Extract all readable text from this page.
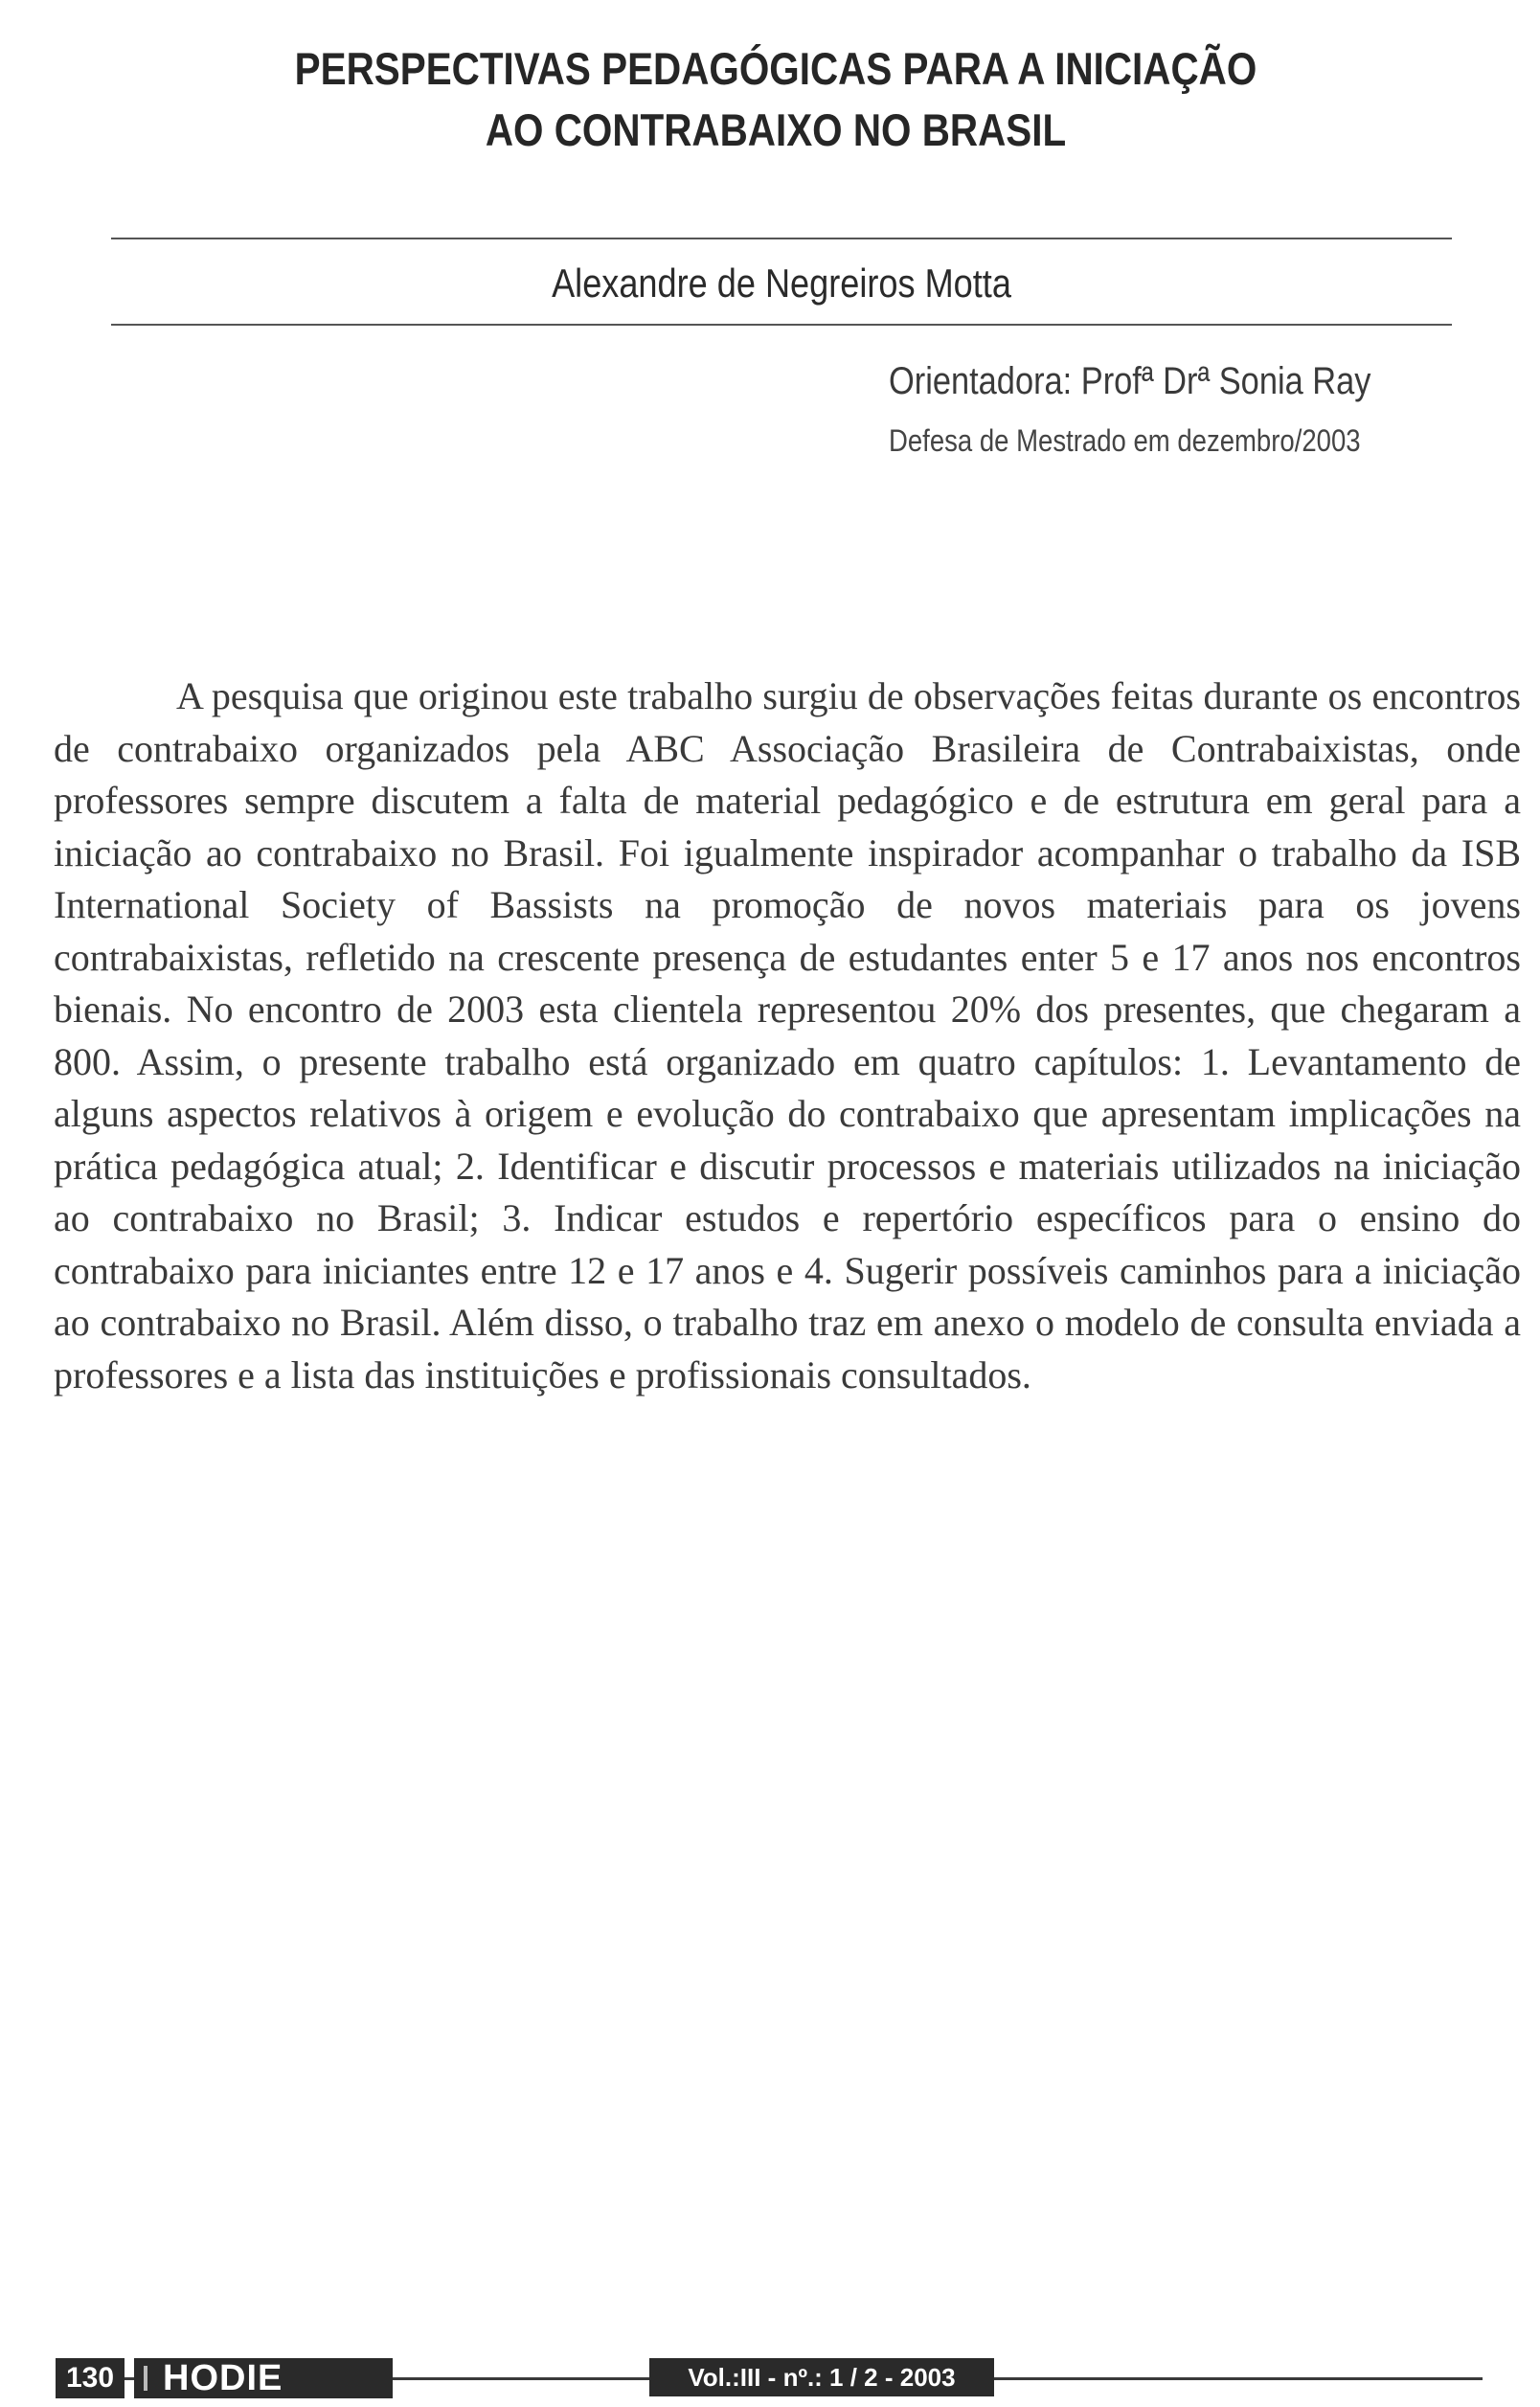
PERSPECTIVAS PEDAGÓGICAS PARA A INICIAÇÃO
AO CONTRABAIXO NO BRASIL
Alexandre de Negreiros Motta
Orientadora: Profª Drª Sonia Ray
Defesa de Mestrado em dezembro/2003

A pesquisa que originou este trabalho surgiu de observações feitas durante os encontros de contrabaixo organizados pela ABC Associação Brasileira de Contrabaixistas, onde professores sempre discutem a falta de material pedagógico e de estrutura em geral para a iniciação ao contrabaixo no Brasil. Foi igualmente inspirador acompanhar o trabalho da ISB International Society of Bassists na promoção de novos materiais para os jovens contrabaixistas, refletido na crescente presença de estudantes enter 5 e 17 anos nos encontros bienais. No encontro de 2003 esta clientela representou 20% dos presentes, que chegaram a 800. Assim, o presente trabalho está organizado em quatro capítulos: 1. Levantamento de alguns aspectos relativos à origem e evolução do contrabaixo que apresentam implicações na prática pedagógica atual; 2. Identificar e discutir processos e materiais utilizados na iniciação ao contrabaixo no Brasil; 3. Indicar estudos e repertório específicos para o ensino do contrabaixo para iniciantes entre 12 e 17 anos e 4. Sugerir possíveis caminhos para a iniciação ao contrabaixo no Brasil. Além disso, o trabalho traz em anexo o modelo de consulta enviada a professores e a lista das instituições e profissionais consultados.

130	HODIE	Vol.:III - nº.: 1 / 2 - 2003
